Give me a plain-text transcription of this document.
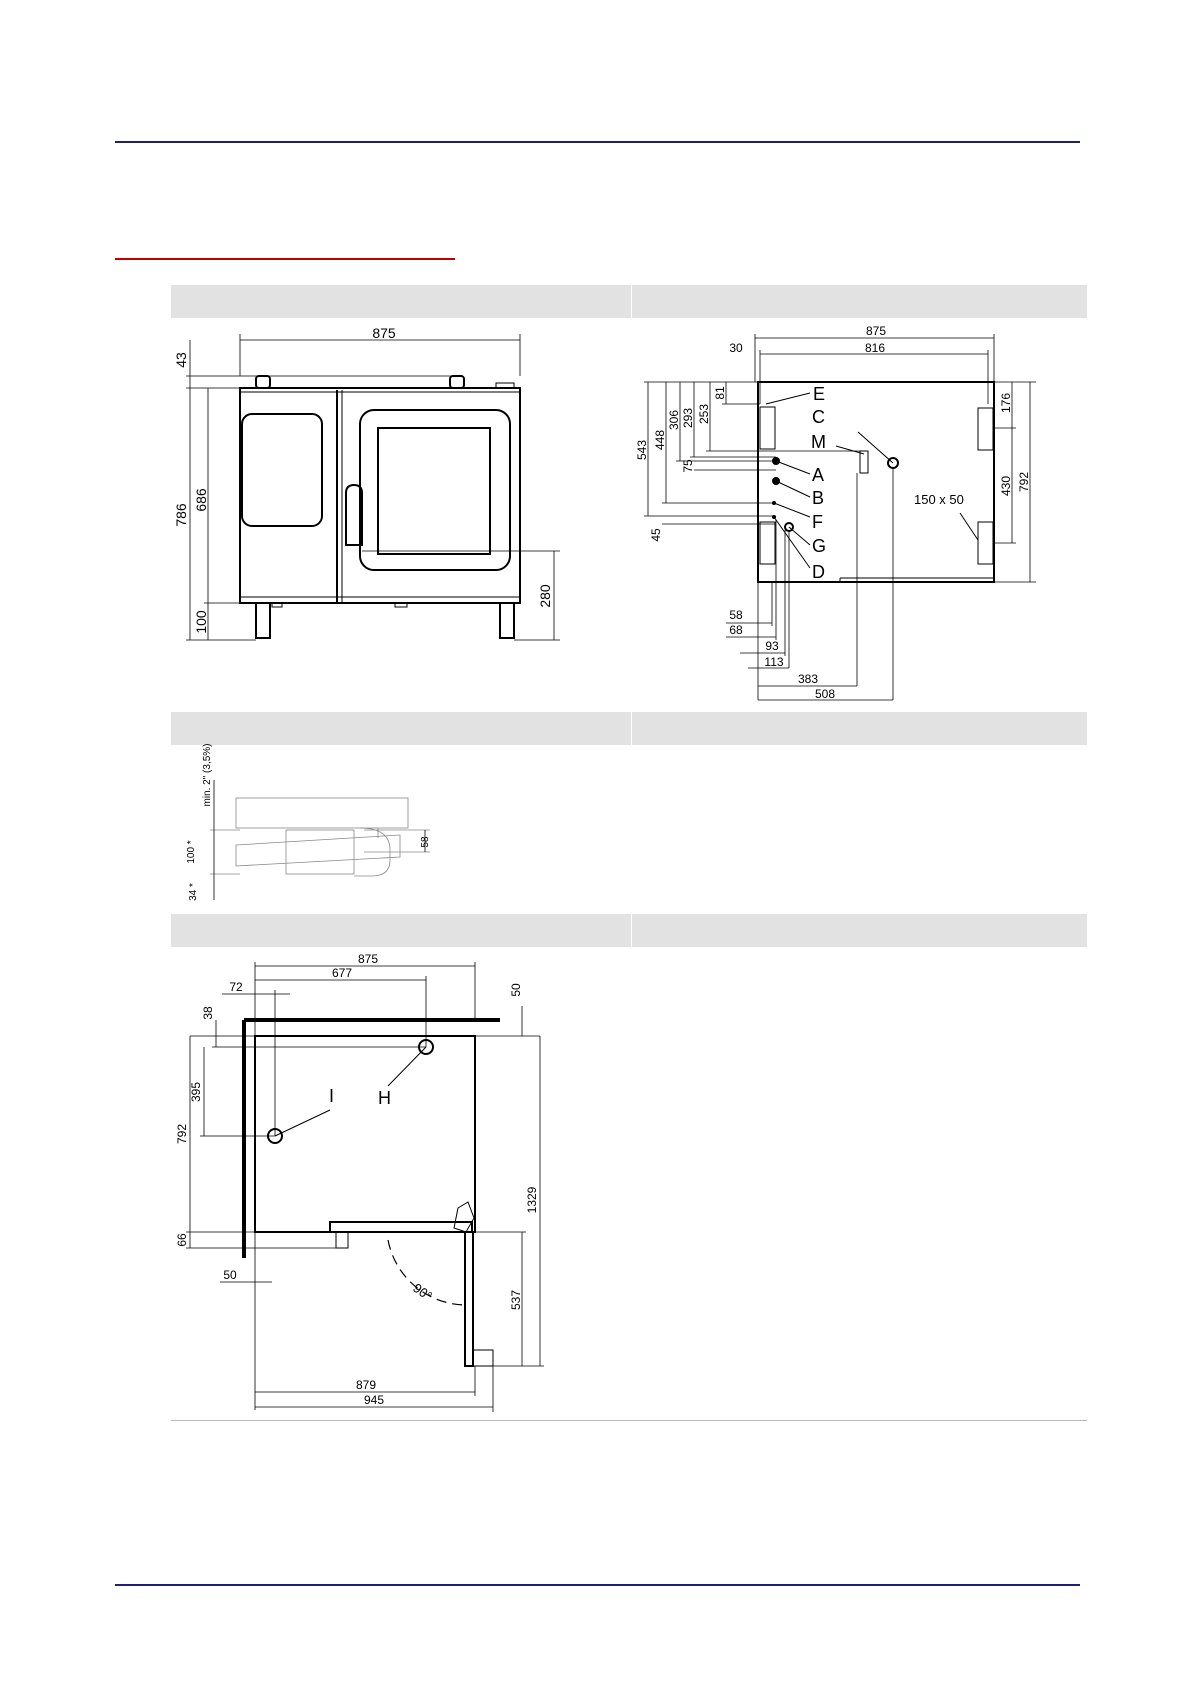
875
43
786
686
100
280
E
C
M
A
B
F
G
D
150 x 50
875
816
30
543 448
306 293 253
81
75
45
792
176
430
58
68
93
113
383
508
min. 2" (3,5%)
100 *
34 *
58
90°
I H
875
677
72	50
38
395
792
66
50
1329
537
879
945
